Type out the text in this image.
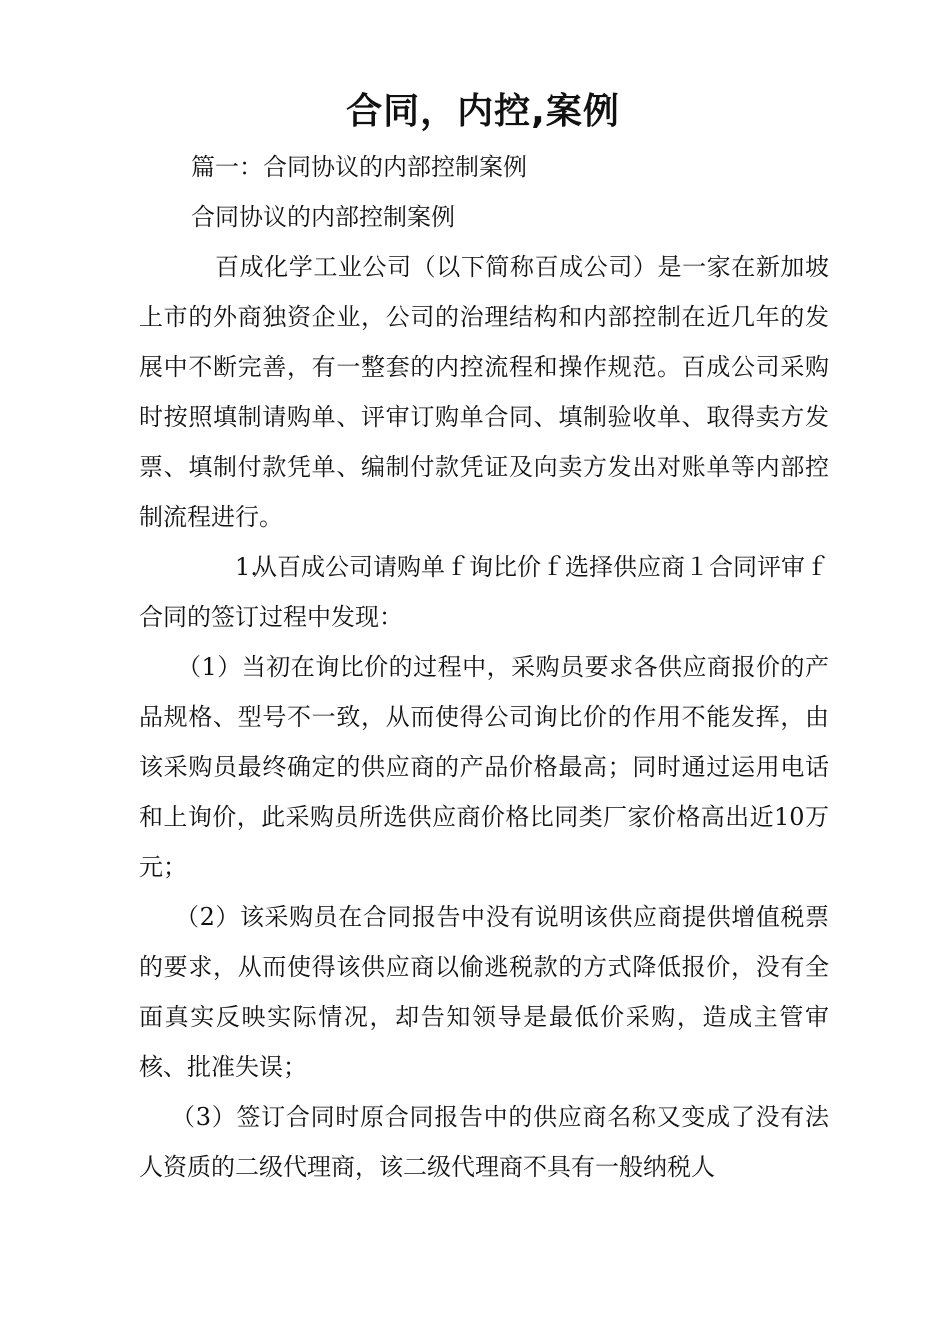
合同，内控,案例

篇一：合同协议的内部控制案例

合同协议的内部控制案例

百成化学工业公司（以下简称百成公司）是一家在新加坡上市的外商独资企业，公司的治理结构和内部控制在近几年的发展中不断完善，有一整套的内控流程和操作规范。百成公司采购时按照填制请购单、评审订购单合同、填制验收单、取得卖方发票、填制付款凭单、编制付款凭证及向卖方发出对账单等内部控制流程进行。

1.从百成公司请购单ｆ询比价ｆ选择供应商１合同评审ｆ合同的签订过程中发现：

（1）当初在询比价的过程中，采购员要求各供应商报价的产品规格、型号不一致，从而使得公司询比价的作用不能发挥，由该采购员最终确定的供应商的产品价格最高；同时通过运用电话和上询价，此采购员所选供应商价格比同类厂家价格高出近10万元；

（2）该采购员在合同报告中没有说明该供应商提供增值税票的要求，从而使得该供应商以偷逃税款的方式降低报价，没有全面真实反映实际情况，却告知领导是最低价采购，造成主管审核、批准失误；

（3）签订合同时原合同报告中的供应商名称又变成了没有法人资质的二级代理商，该二级代理商不具有一般纳税人
